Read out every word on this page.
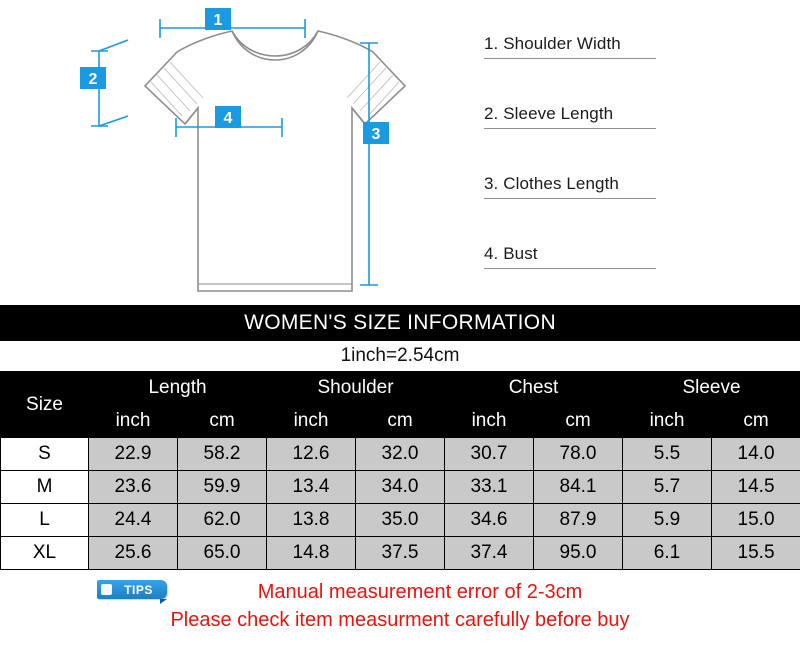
1
2
3
4
1. Shoulder Width
2. Sleeve Length
3. Clothes Length
4. Bust
WOMEN'S SIZE INFORMATION
1inch=2.54cm
Size	Length		Shoulder		Chest		Sleeve	
	inch	cm	inch	cm	inch	cm	inch	cm
S	22.9	58.2	12.6	32.0	30.7	78.0	5.5	14.0
M	23.6	59.9	13.4	34.0	33.1	84.1	5.7	14.5
L	24.4	62.0	13.8	35.0	34.6	87.9	5.9	15.0
XL	25.6	65.0	14.8	37.5	37.4	95.0	6.1	15.5
TIPS	Manual measurement error of 2-3cm
Please check item measurment carefully before buy
